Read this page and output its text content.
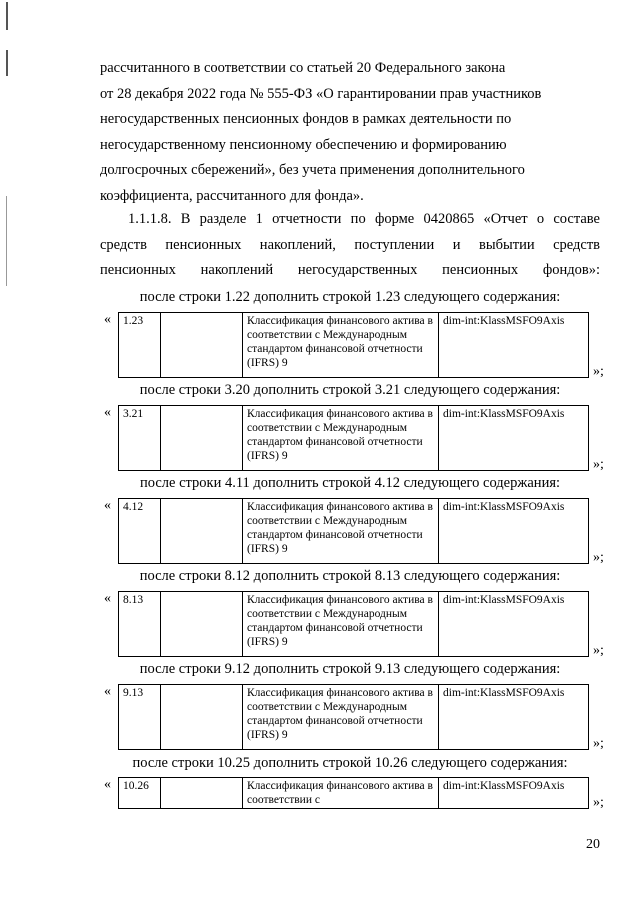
рассчитанного в соответствии со статьей 20 Федерального закона
от 28 декабря 2022 года № 555-ФЗ «О гарантировании прав участников
негосударственных пенсионных фондов в рамках деятельности по
негосударственному пенсионному обеспечению и формированию
долгосрочных сбережений», без учета применения дополнительного
коэффициента, рассчитанного для фонда».

1.1.1.8. В разделе 1 отчетности по форме 0420865 «Отчет о составе
средств пенсионных накоплений, поступлении и выбытии средств
пенсионных накоплений негосударственных пенсионных фондов»:

после строки 1.22 дополнить строкой 1.23 следующего содержания:

« 1.23		Классификация финансового актива в соответствии с Международным стандартом финансовой отчетности (IFRS) 9	dim-int:KlassMSFO9Axis
»;

после строки 3.20 дополнить строкой 3.21 следующего содержания:

« 3.21		Классификация финансового актива в соответствии с Международным стандартом финансовой отчетности (IFRS) 9	dim-int:KlassMSFO9Axis
»;

после строки 4.11 дополнить строкой 4.12 следующего содержания:

« 4.12		Классификация финансового актива в соответствии с Международным стандартом финансовой отчетности (IFRS) 9	dim-int:KlassMSFO9Axis
»;

после строки 8.12 дополнить строкой 8.13 следующего содержания:

« 8.13		Классификация финансового актива в соответствии с Международным стандартом финансовой отчетности (IFRS) 9	dim-int:KlassMSFO9Axis
»;

после строки 9.12 дополнить строкой 9.13 следующего содержания:

« 9.13		Классификация финансового актива в соответствии с Международным стандартом финансовой отчетности (IFRS) 9	dim-int:KlassMSFO9Axis
»;

после строки 10.25 дополнить строкой 10.26 следующего содержания:

« 10.26		Классификация финансового актива в соответствии с	dim-int:KlassMSFO9Axis
»;
20
